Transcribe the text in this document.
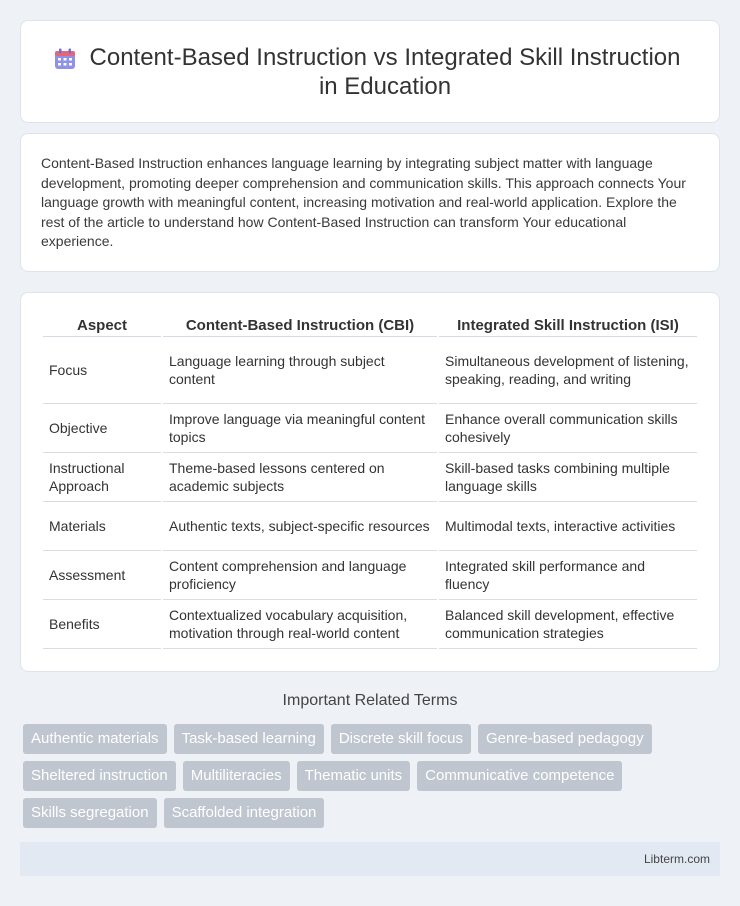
Content-Based Instruction vs Integrated Skill Instruction in Education

Content-Based Instruction enhances language learning by integrating subject matter with language development, promoting deeper comprehension and communication skills. This approach connects Your language growth with meaningful content, increasing motivation and real-world application. Explore the rest of the article to understand how Content-Based Instruction can transform Your educational experience.

Aspect	Content-Based Instruction (CBI)	Integrated Skill Instruction (ISI)
Focus	Language learning through subject content	Simultaneous development of listening, speaking, reading, and writing
Objective	Improve language via meaningful content topics	Enhance overall communication skills cohesively
Instructional Approach	Theme-based lessons centered on academic subjects	Skill-based tasks combining multiple language skills
Materials	Authentic texts, subject-specific resources	Multimodal texts, interactive activities
Assessment	Content comprehension and language proficiency	Integrated skill performance and fluency
Benefits	Contextualized vocabulary acquisition, motivation through real-world content	Balanced skill development, effective communication strategies
Important Related Terms
Authentic materials	Task-based learning	Discrete skill focus	Genre-based pedagogy
Sheltered instruction	Multiliteracies	Thematic units	Communicative competence
Skills segregation	Scaffolded integration
Libterm.com
